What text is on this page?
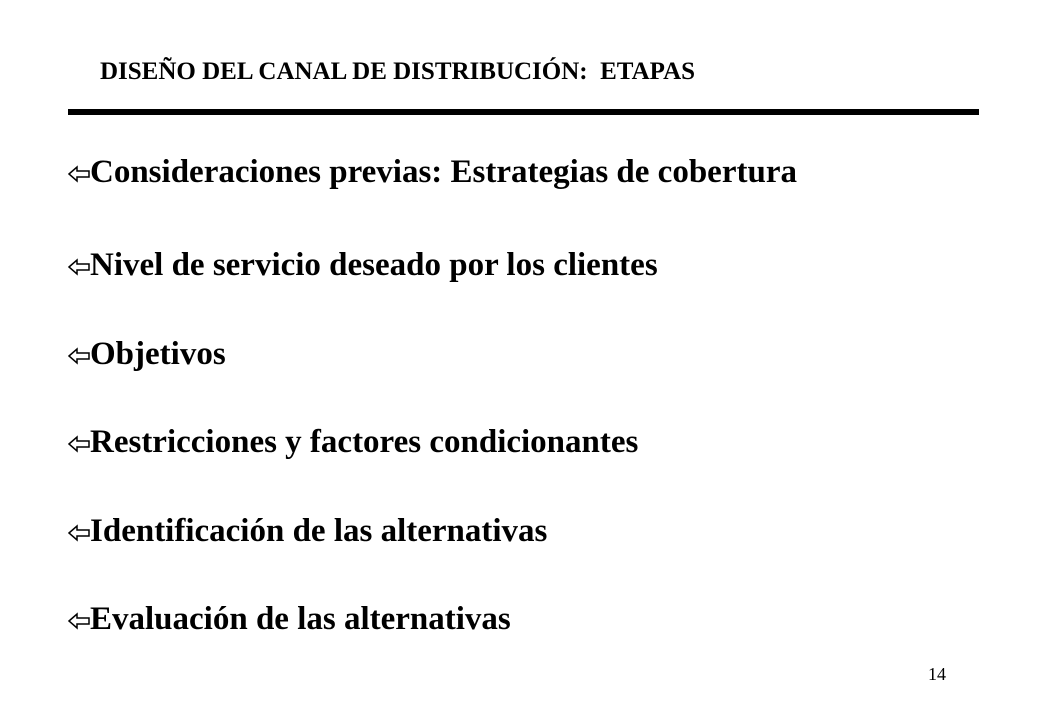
DISEÑO DEL CANAL DE DISTRIBUCIÓN:  ETAPAS
Consideraciones previas: Estrategias de cobertura
Nivel de servicio deseado por los clientes
Objetivos
Restricciones y factores condicionantes
Identificación de las alternativas
Evaluación de las alternativas
14
